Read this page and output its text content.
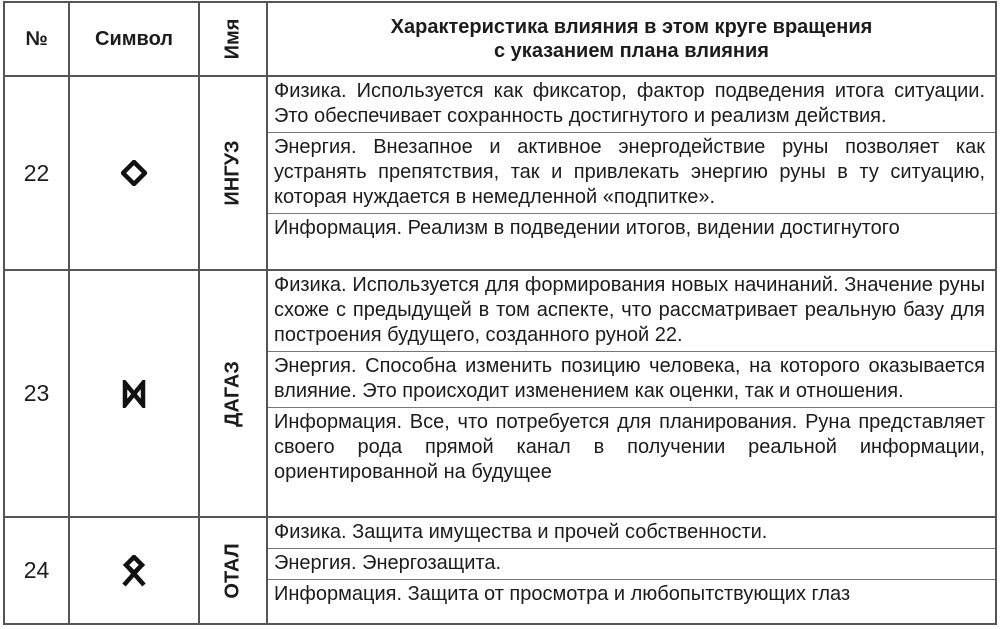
№	Символ	Имя	Характеристика влияния в этом круге вращения
с указанием плана влияния

22		ИНГУЗ	Физика. Используется как фиксатор, фактор подведения итога ситуации. Это обеспечивает сохранность достигнутого и реализм действия.
Энергия. Внезапное и активное энергодействие руны позволяет как устранять препятствия, так и привлекать энергию руны в ту ситуацию, которая нуждается в немедленной «подпитке».
Информация. Реализм в подведении итогов, видении достигнутого

23		ДАГАЗ	Физика. Используется для формирования новых начинаний. Значение руны схоже с предыдущей в том аспекте, что рассматривает реальную базу для построения будущего, созданного руной 22.
Энергия. Способна изменить позицию человека, на которого оказывается влияние. Это происходит изменением как оценки, так и отношения.
Информация. Все, что потребуется для планирования. Руна представляет своего рода прямой канал в получении реальной информации, ориентированной на будущее

24		ОТАЛ	Физика. Защита имущества и прочей собственности.
Энергия. Энергозащита.
Информация. Защита от просмотра и любопытствующих глаз
